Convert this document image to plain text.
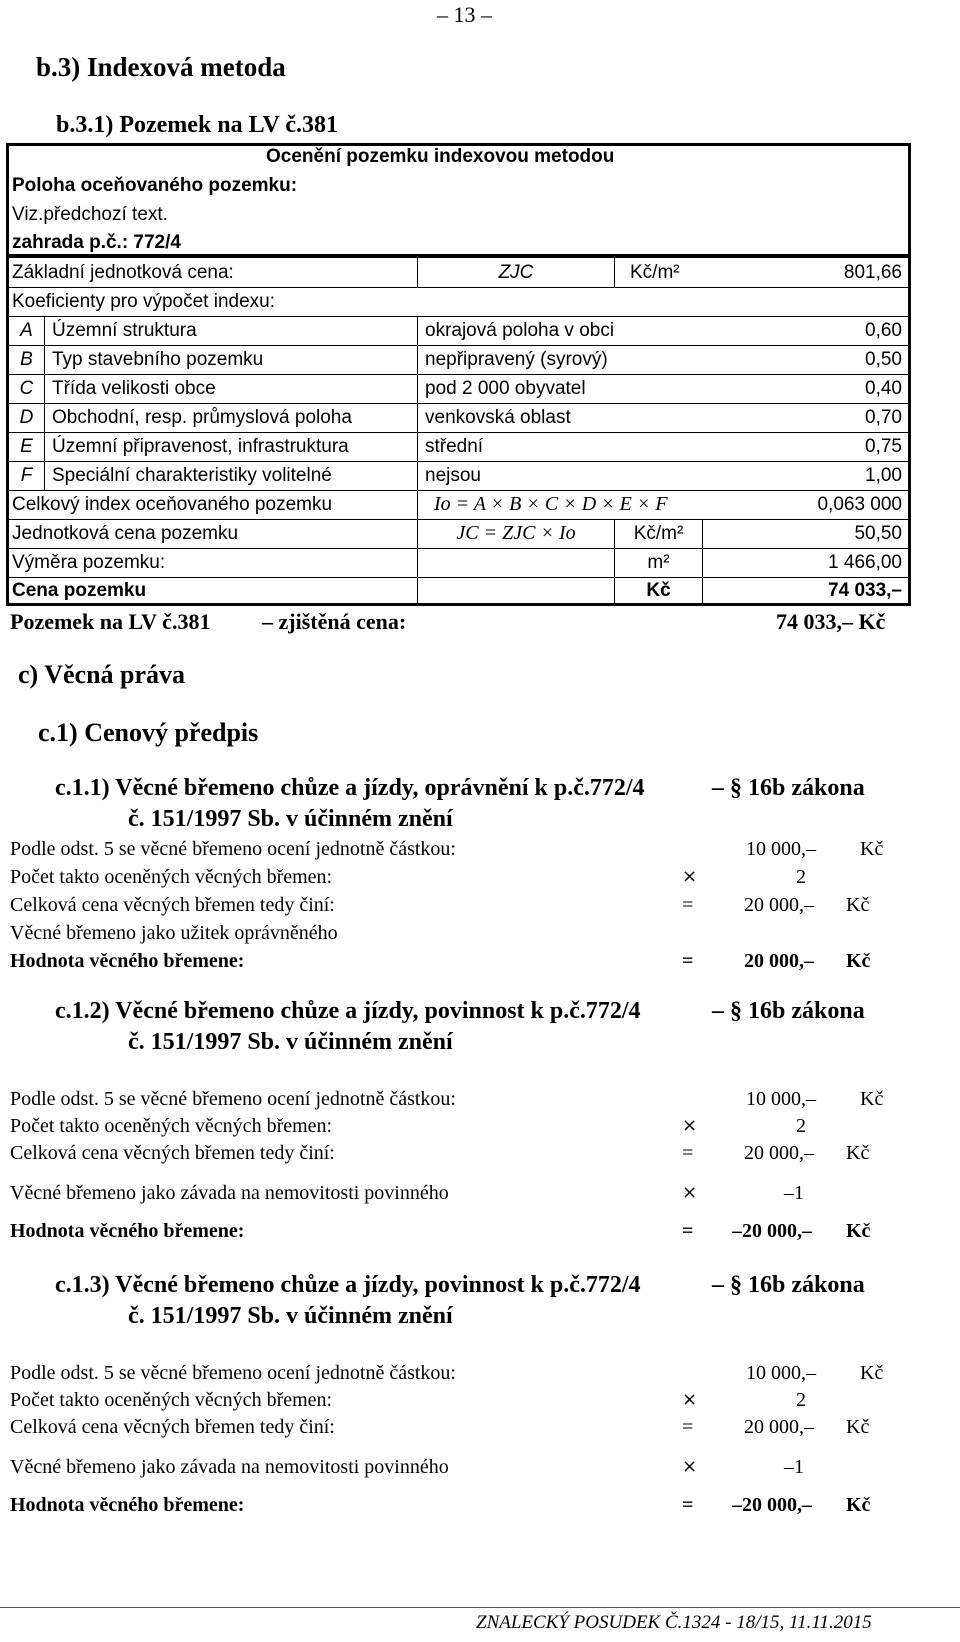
– 13 –
b.3) Indexová metoda
b.3.1) Pozemek na LV č.381
Ocenění pozemku indexovou metodou
Poloha oceňovaného pozemku:
Viz.předchozí text.
zahrada p.č.: 772/4
Základní jednotková cena:	ZJC	Kč/m²	801,66
Koeficienty pro výpočet indexu:
A	Územní struktura	okrajová poloha v obci	0,60
B	Typ stavebního pozemku	nepřipravený (syrový)	0,50
C Třída velikosti obce	pod 2 000 obyvatel	0,40
D Obchodní, resp. průmyslová poloha	venkovská oblast	0,70
E	Územní připravenost, infrastruktura	střední	0,75
F	Speciální charakteristiky volitelné	nejsou	1,00
Celkový index oceňovaného pozemku	Io = A × B × C × D × E × F	0,063 000
Jednotková cena pozemku	JC = ZJC × Io	Kč/m²	50,50
Výměra pozemku:	m²	1 466,00
Cena pozemku	Kč	74 033,–
Pozemek na LV č.381 – zjištěná cena:	74 033,– Kč
c) Věcná práva
c.1) Cenový předpis
c.1.1) Věcné břemeno chůze a jízdy, oprávnění k p.č.772/4	– § 16b zákona
č. 151/1997 Sb. v účinném znění
Podle odst. 5 se věcné břemeno ocení jednotně částkou:	10 000,– Kč
Počet takto oceněných věcných břemen:	×	2
Celková cena věcných břemen tedy činí:	=	20 000,– Kč
Věcné břemeno jako užitek oprávněného
Hodnota věcného břemene:	=	20 000,– Kč
c.1.2) Věcné břemeno chůze a jízdy, povinnost k p.č.772/4	– § 16b zákona
č. 151/1997 Sb. v účinném znění
Podle odst. 5 se věcné břemeno ocení jednotně částkou:	10 000,– Kč
Počet takto oceněných věcných břemen:	×	2
Celková cena věcných břemen tedy činí:	=	20 000,– Kč
Věcné břemeno jako závada na nemovitosti povinného	×	–1
Hodnota věcného břemene:	= –20 000,– Kč
c.1.3) Věcné břemeno chůze a jízdy, povinnost k p.č.772/4	– § 16b zákona
č. 151/1997 Sb. v účinném znění
Podle odst. 5 se věcné břemeno ocení jednotně částkou:	10 000,– Kč
Počet takto oceněných věcných břemen:	×	2
Celková cena věcných břemen tedy činí:	=	20 000,– Kč
Věcné břemeno jako závada na nemovitosti povinného	×	–1
Hodnota věcného břemene:	= –20 000,– Kč
ZNALECKÝ POSUDEK Č.1324 - 18/15, 11.11.2015
